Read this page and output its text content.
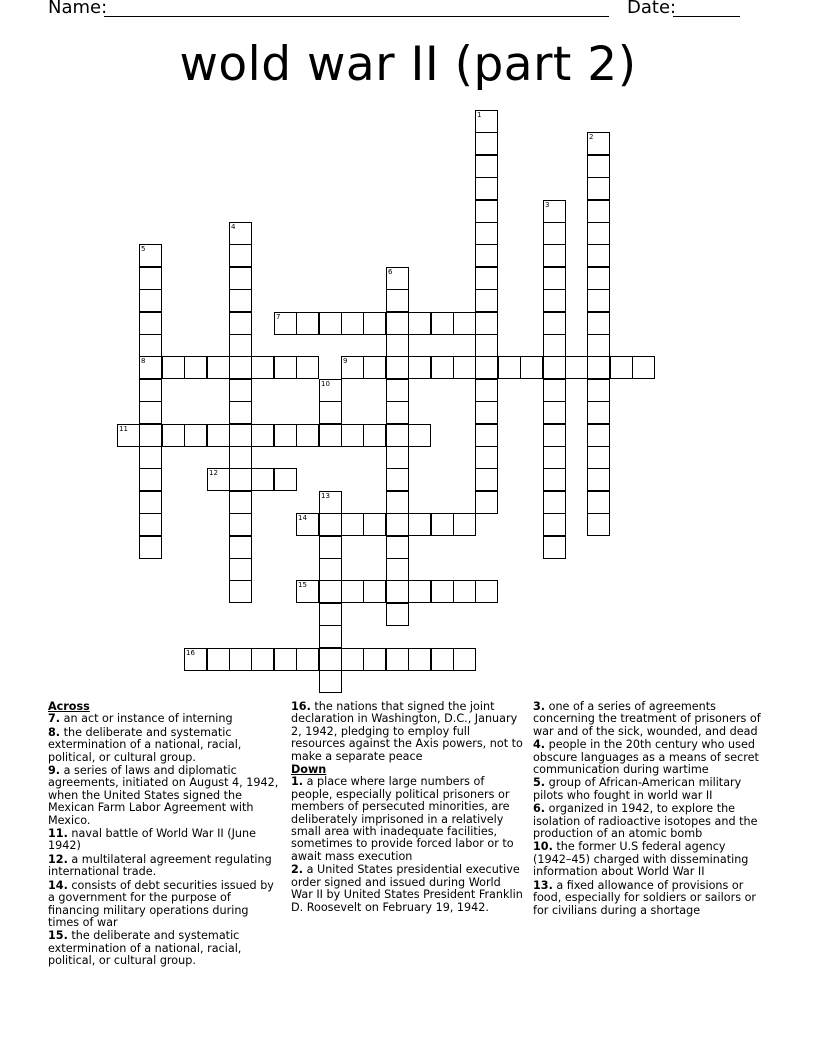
Name:	Date:
wold war II (part 2)
1
2
3
4
5
6
7
8	9
10
11
12
13
14
15
16
Across
7. an act or instance of interning
8. the deliberate and systematic extermination of a national, racial, political, or cultural group.
9. a series of laws and diplomatic agreements, initiated on August 4, 1942, when the United States signed the Mexican Farm Labor Agreement with Mexico.
11. naval battle of World War II (June 1942)
12. a multilateral agreement regulating international trade.
14. consists of debt securities issued by a government for the purpose of financing military operations during times of war
15. the deliberate and systematic extermination of a national, racial, political, or cultural group.
16. the nations that signed the joint declaration in Washington, D.C., January 2, 1942, pledging to employ full resources against the Axis powers, not to make a separate peace
Down
1. a place where large numbers of people, especially political prisoners or members of persecuted minorities, are deliberately imprisoned in a relatively small area with inadequate facilities, sometimes to provide forced labor or to await mass execution
2. a United States presidential executive order signed and issued during World War II by United States President Franklin D. Roosevelt on February 19, 1942.
3. one of a series of agreements concerning the treatment of prisoners of war and of the sick, wounded, and dead
4. people in the 20th century who used obscure languages as a means of secret communication during wartime
5. group of African-American military pilots who fought in world war II
6. organized in 1942, to explore the isolation of radioactive isotopes and the production of an atomic bomb
10. the former U.S federal agency (1942–45) charged with disseminating information about World War II
13. a fixed allowance of provisions or food, especially for soldiers or sailors or for civilians during a shortage
